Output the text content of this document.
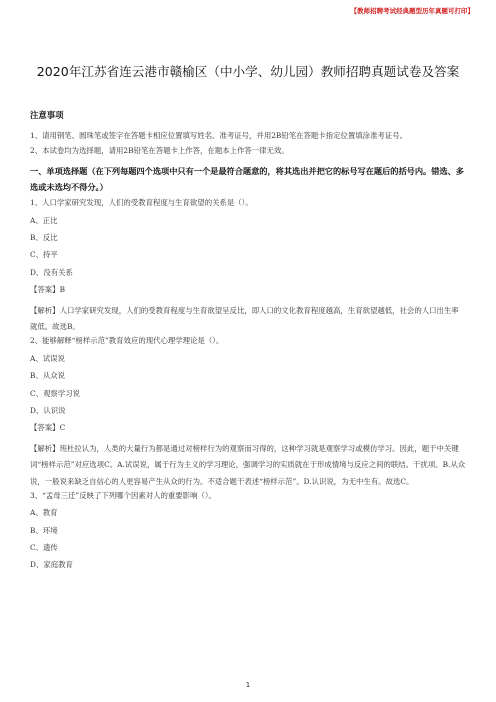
【教师招聘考试经典题型历年真题可打印】
2020年江苏省连云港市赣榆区（中小学、幼儿园）教师招聘真题试卷及答案
注意事项
1、请用钢笔、圆珠笔或签字在答题卡相应位置填写姓名、准考证号，并用2B铅笔在答题卡指定位置填涂准考证号。
2、本试卷均为选择题，请用2B铅笔在答题卡上作答，在题本上作答一律无效。
一、单项选择题（在下列每题四个选项中只有一个是最符合题意的，将其选出并把它的标号写在题后的括号内。错选、多选或未选均不得分。）
1、人口学家研究发现，人们的受教育程度与生育欲望的关系是（）。
A、正比
B、反比
C、持平
D、没有关系
【答案】B
【解析】人口学家研究发现，人们的受教育程度与生育欲望呈反比，即人口的文化教育程度越高，生育欲望越低，社会的人口出生率就低。故选B。
2、能够解释“榜样示范”教育效应的现代心理学理论是（）。
A、试误说
B、从众说
C、观察学习说
D、认识说
【答案】C
【解析】班杜拉认为，人类的大量行为都是通过对榜样行为的观察而习得的，这种学习就是观察学习或模仿学习。因此，题干中关键词“榜样示范”对应选项C。A.试误说，属于行为主义的学习理论，强调学习的实质就在于形成情境与反应之间的联结。干扰项。B.从众说，一般说来缺乏自信心的人更容易产生从众的行为。不适合题干表述“榜样示范”。D.认识说，为无中生有。故选C。
3、“孟母三迁”反映了下列哪个因素对人的重要影响（）。
A、教育
B、环境
C、遗传
D、家庭教育
1
